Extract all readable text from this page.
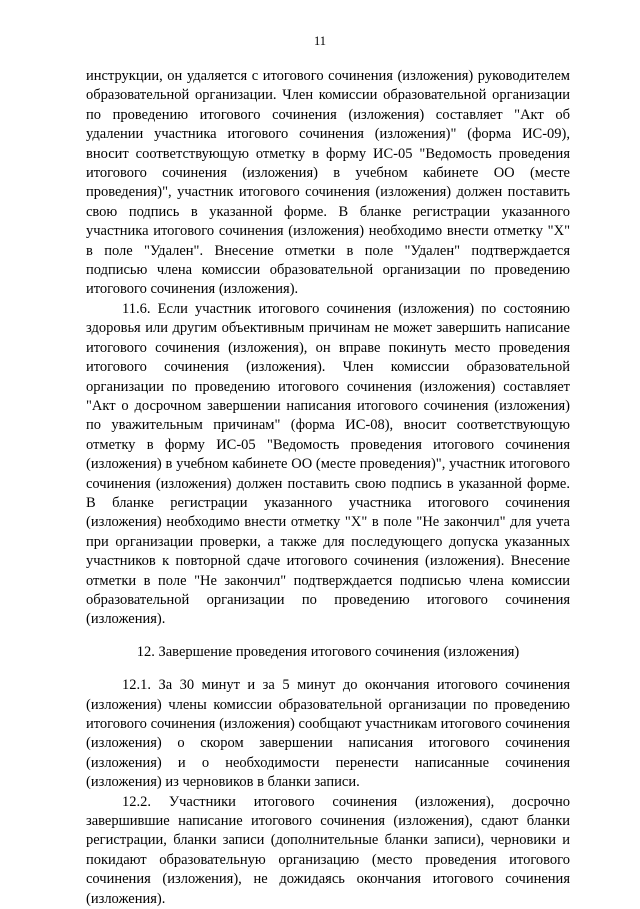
11

инструкции, он удаляется с итогового сочинения (изложения) руководителем образовательной организации. Член комиссии образовательной организации по проведению итогового сочинения (изложения) составляет "Акт об удалении участника итогового сочинения (изложения)" (форма ИС-09), вносит соответствующую отметку в форму ИС-05 "Ведомость проведения итогового сочинения (изложения) в учебном кабинете ОО (месте проведения)", участник итогового сочинения (изложения) должен поставить свою подпись в указанной форме. В бланке регистрации указанного участника итогового сочинения (изложения) необходимо внести отметку "X" в поле "Удален". Внесение отметки в поле "Удален" подтверждается подписью члена комиссии образовательной организации по проведению итогового сочинения (изложения).

11.6. Если участник итогового сочинения (изложения) по состоянию здоровья или другим объективным причинам не может завершить написание итогового сочинения (изложения), он вправе покинуть место проведения итогового сочинения (изложения). Член комиссии образовательной организации по проведению итогового сочинения (изложения) составляет "Акт о досрочном завершении написания итогового сочинения (изложения) по уважительным причинам" (форма ИС-08), вносит соответствующую отметку в форму ИС-05 "Ведомость проведения итогового сочинения (изложения) в учебном кабинете ОО (месте проведения)", участник итогового сочинения (изложения) должен поставить свою подпись в указанной форме. В бланке регистрации указанного участника итогового сочинения (изложения) необходимо внести отметку "X" в поле "Не закончил" для учета при организации проверки, а также для последующего допуска указанных участников к повторной сдаче итогового сочинения (изложения). Внесение отметки в поле "Не закончил" подтверждается подписью члена комиссии образовательной организации по проведению итогового сочинения (изложения).

12. Завершение проведения итогового сочинения (изложения)

12.1. За 30 минут и за 5 минут до окончания итогового сочинения (изложения) члены комиссии образовательной организации по проведению итогового сочинения (изложения) сообщают участникам итогового сочинения (изложения) о скором завершении написания итогового сочинения (изложения) и о необходимости перенести написанные сочинения (изложения) из черновиков в бланки записи.

12.2. Участники итогового сочинения (изложения), досрочно завершившие написание итогового сочинения (изложения), сдают бланки регистрации, бланки записи (дополнительные бланки записи), черновики и покидают образовательную организацию (место проведения итогового сочинения (изложения), не дожидаясь окончания итогового сочинения (изложения).
